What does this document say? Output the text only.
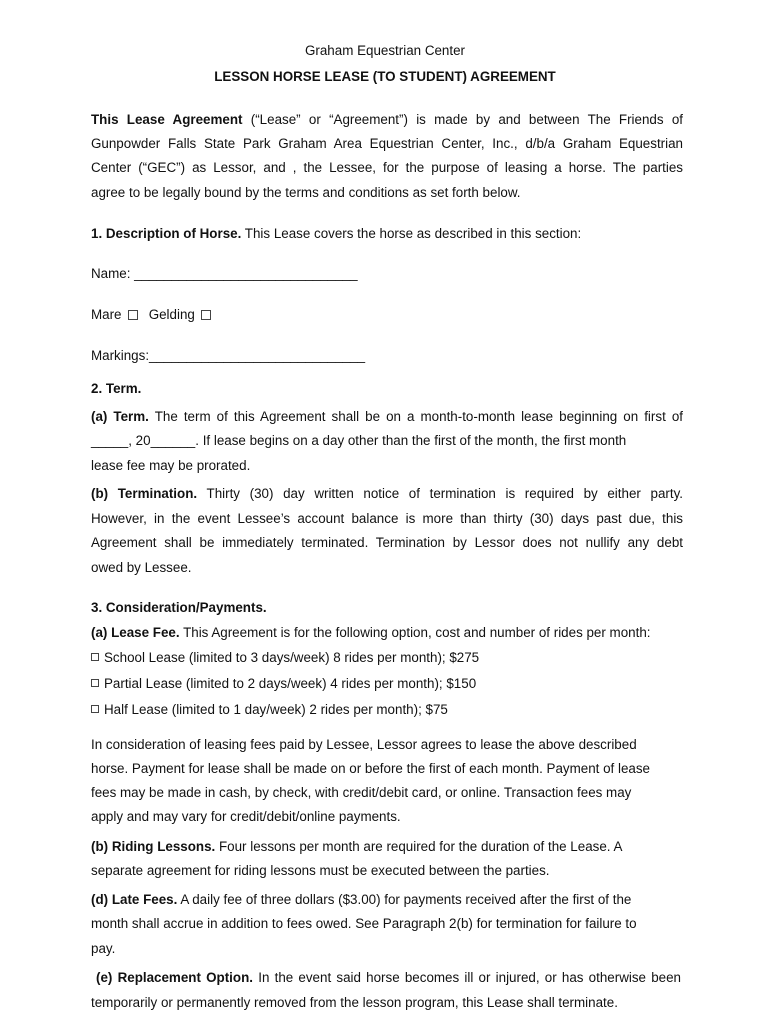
Graham Equestrian Center
LESSON HORSE LEASE (TO STUDENT) AGREEMENT
This Lease Agreement (“Lease” or “Agreement”) is made by and between The Friends of
Gunpowder Falls State Park Graham Area Equestrian Center, Inc., d/b/a Graham Equestrian
Center (“GEC”) as Lessor, and , the Lessee, for the purpose of leasing a horse. The parties
agree to be legally bound by the terms and conditions as set forth below.
1. Description of Horse. This Lease covers the horse as described in this section:
Name: ______________________________
Mare Gelding
Markings:_____________________________
2. Term.
(a) Term. The term of this Agreement shall be on a month-to-month lease beginning on first of
_____, 20______. If lease begins on a day other than the first of the month, the first month
lease fee may be prorated.
(b) Termination. Thirty (30) day written notice of termination is required by either party.
However, in the event Lessee’s account balance is more than thirty (30) days past due, this
Agreement shall be immediately terminated. Termination by Lessor does not nullify any debt
owed by Lessee.
3. Consideration/Payments.
(a) Lease Fee. This Agreement is for the following option, cost and number of rides per month:
School Lease (limited to 3 days/week) 8 rides per month); $275
Partial Lease (limited to 2 days/week) 4 rides per month); $150
Half Lease (limited to 1 day/week) 2 rides per month); $75
In consideration of leasing fees paid by Lessee, Lessor agrees to lease the above described
horse. Payment for lease shall be made on or before the first of each month. Payment of lease
fees may be made in cash, by check, with credit/debit card, or online. Transaction fees may
apply and may vary for credit/debit/online payments.
(b) Riding Lessons. Four lessons per month are required for the duration of the Lease. A
separate agreement for riding lessons must be executed between the parties.
(d) Late Fees. A daily fee of three dollars ($3.00) for payments received after the first of the
month shall accrue in addition to fees owed. See Paragraph 2(b) for termination for failure to
pay.
(e) Replacement Option. In the event said horse becomes ill or injured, or has otherwise been
temporarily or permanently removed from the lesson program, this Lease shall terminate.
